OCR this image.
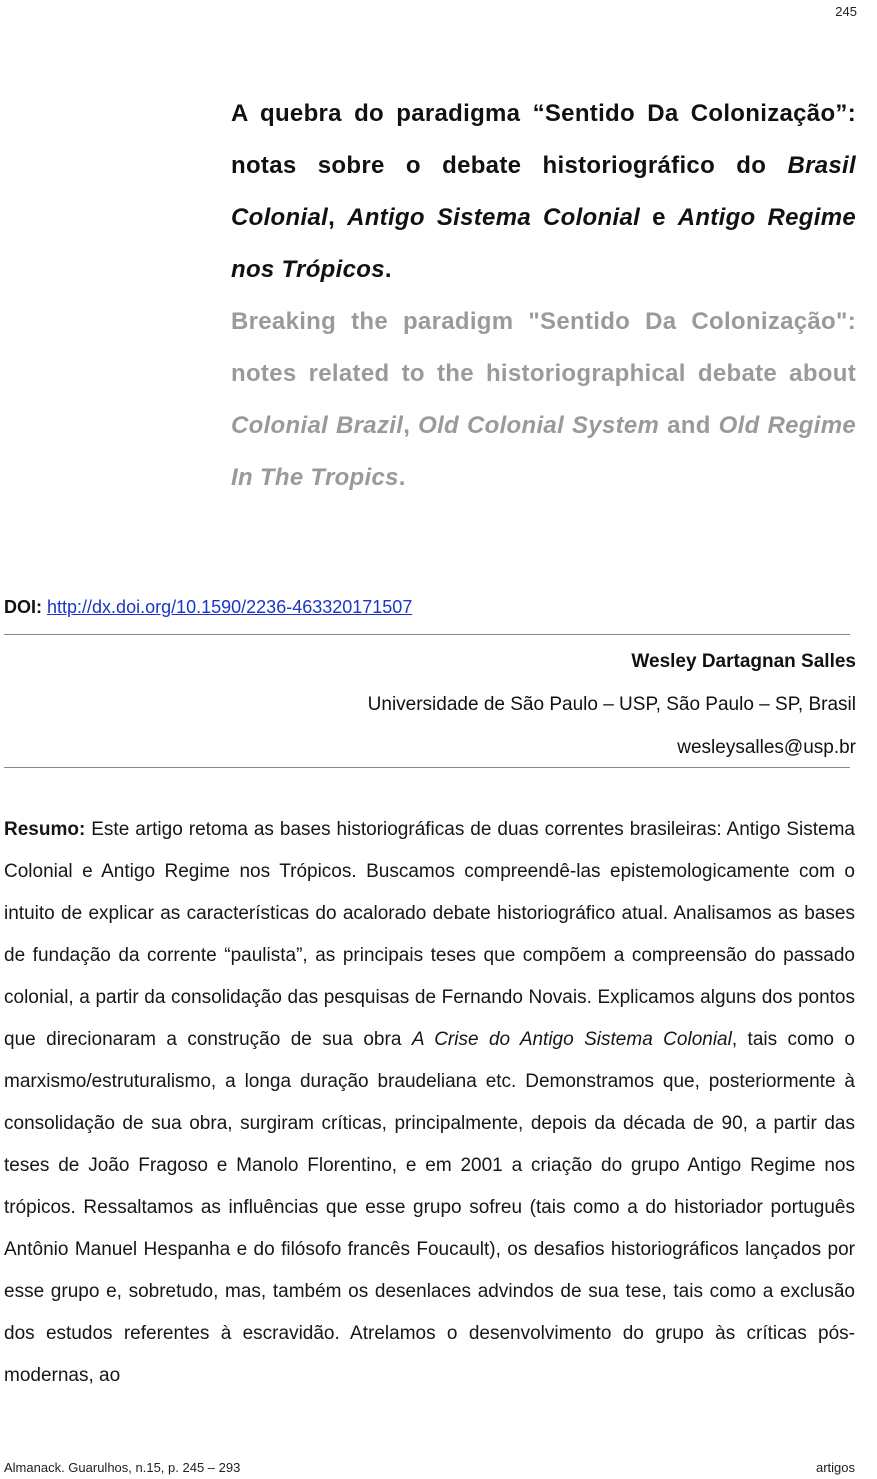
245
A quebra do paradigma “Sentido Da Colonização”: notas sobre o debate historiográfico do Brasil Colonial, Antigo Sistema Colonial e Antigo Regime nos Trópicos.
Breaking the paradigm "Sentido Da Colonização": notes related to the historiographical debate about Colonial Brazil, Old Colonial System and Old Regime In The Tropics.
DOI: http://dx.doi.org/10.1590/2236-463320171507
Wesley Dartagnan Salles
Universidade de São Paulo – USP, São Paulo – SP, Brasil
wesleysalles@usp.br
Resumo: Este artigo retoma as bases historiográficas de duas correntes brasileiras: Antigo Sistema Colonial e Antigo Regime nos Trópicos. Buscamos compreendê-las epistemologicamente com o intuito de explicar as características do acalorado debate historiográfico atual. Analisamos as bases de fundação da corrente “paulista”, as principais teses que compõem a compreensão do passado colonial, a partir da consolidação das pesquisas de Fernando Novais. Explicamos alguns dos pontos que direcionaram a construção de sua obra A Crise do Antigo Sistema Colonial, tais como o marxismo/estruturalismo, a longa duração braudeliana etc. Demonstramos que, posteriormente à consolidação de sua obra, surgiram críticas, principalmente, depois da década de 90, a partir das teses de João Fragoso e Manolo Florentino, e em 2001 a criação do grupo Antigo Regime nos trópicos. Ressaltamos as influências que esse grupo sofreu (tais como a do historiador português Antônio Manuel Hespanha e do filósofo francês Foucault), os desafios historiográficos lançados por esse grupo e, sobretudo, mas, também os desenlaces advindos de sua tese, tais como a exclusão dos estudos referentes à escravidão. Atrelamos o desenvolvimento do grupo às críticas pós-modernas, ao
Almanack. Guarulhos, n.15, p. 245 – 293	artigos
